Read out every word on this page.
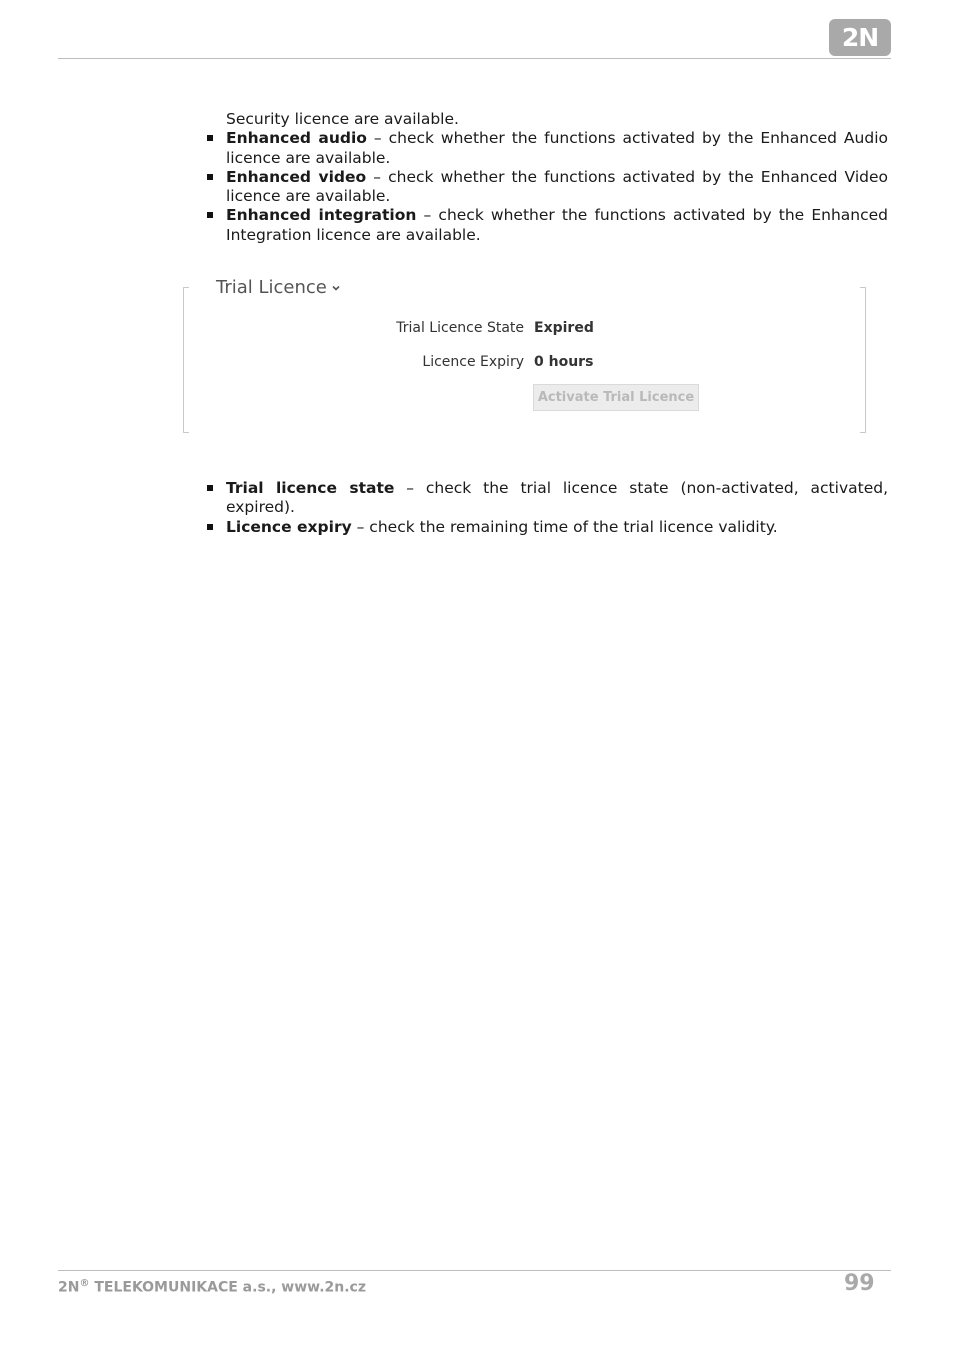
2N

Security licence are available.

Enhanced audio – check whether the functions activated by the Enhanced Audio licence are available.
Enhanced video – check whether the functions activated by the Enhanced Video licence are available.
Enhanced integration – check whether the functions activated by the Enhanced Integration licence are available.
Trial Licence
Trial Licence State Expired
Licence Expiry 0 hours
Activate Trial Licence
Trial licence state – check the trial licence state (non-activated, activated, expired).
Licence expiry – check the remaining time of the trial licence validity.
2N® TELEKOMUNIKACE a.s., www.2n.cz	99
